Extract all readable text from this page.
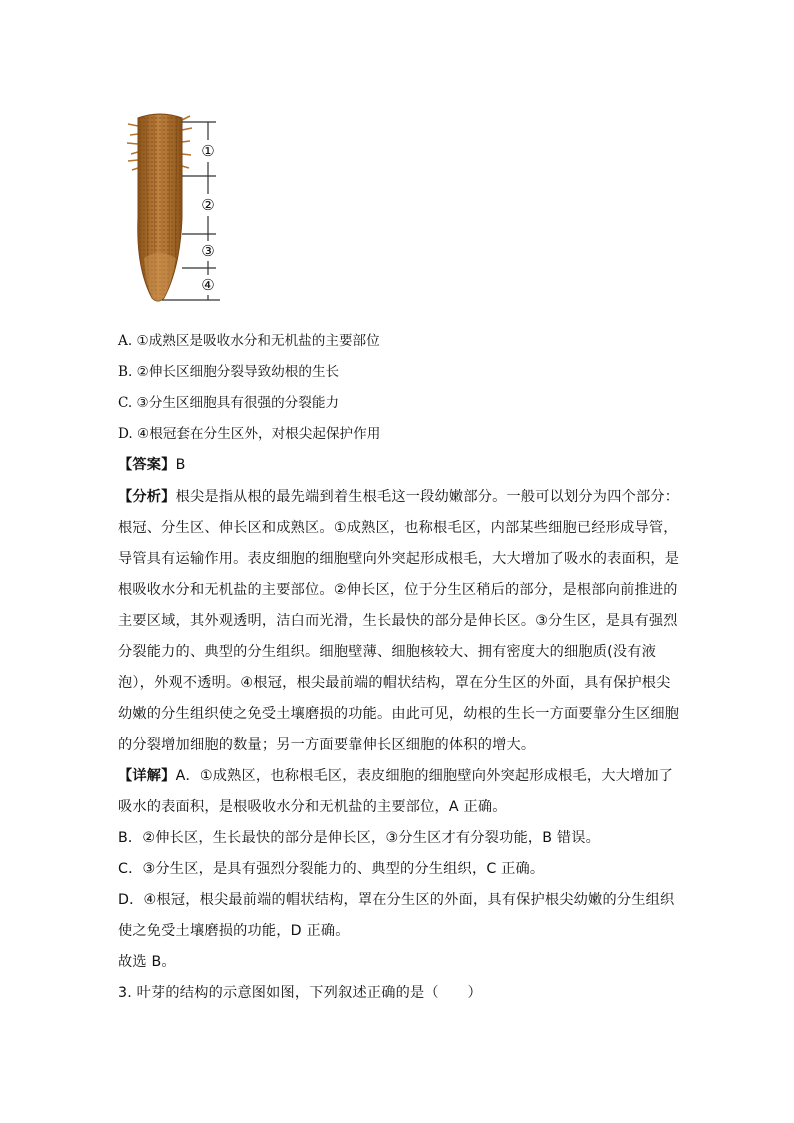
①
②
③
④
A. ①成熟区是吸收水分和无机盐的主要部位
B. ②伸长区细胞分裂导致幼根的生长
C. ③分生区细胞具有很强的分裂能力
D. ④根冠套在分生区外，对根尖起保护作用
【答案】B
【分析】根尖是指从根的最先端到着生根毛这一段幼嫩部分。一般可以划分为四个部分：
根冠、分生区、伸长区和成熟区。①成熟区，也称根毛区，内部某些细胞已经形成导管，
导管具有运输作用。表皮细胞的细胞壁向外突起形成根毛，大大增加了吸水的表面积，是
根吸收水分和无机盐的主要部位。②伸长区，位于分生区稍后的部分，是根部向前推进的
主要区域，其外观透明，洁白而光滑，生长最快的部分是伸长区。③分生区，是具有强烈
分裂能力的、典型的分生组织。细胞壁薄、细胞核较大、拥有密度大的细胞质(没有液
泡），外观不透明。④根冠，根尖最前端的帽状结构，罩在分生区的外面，具有保护根尖
幼嫩的分生组织使之免受土壤磨损的功能。由此可见，幼根的生长一方面要靠分生区细胞
的分裂增加细胞的数量；另一方面要靠伸长区细胞的体积的增大。
【详解】A．①成熟区，也称根毛区，表皮细胞的细胞壁向外突起形成根毛，大大增加了
吸水的表面积，是根吸收水分和无机盐的主要部位，A 正确。
B．②伸长区，生长最快的部分是伸长区，③分生区才有分裂功能，B 错误。
C．③分生区，是具有强烈分裂能力的、典型的分生组织，C 正确。
D．④根冠，根尖最前端的帽状结构，罩在分生区的外面，具有保护根尖幼嫩的分生组织
使之免受土壤磨损的功能，D 正确。
故选 B。
3. 叶芽的结构的示意图如图，下列叙述正确的是（　　）
